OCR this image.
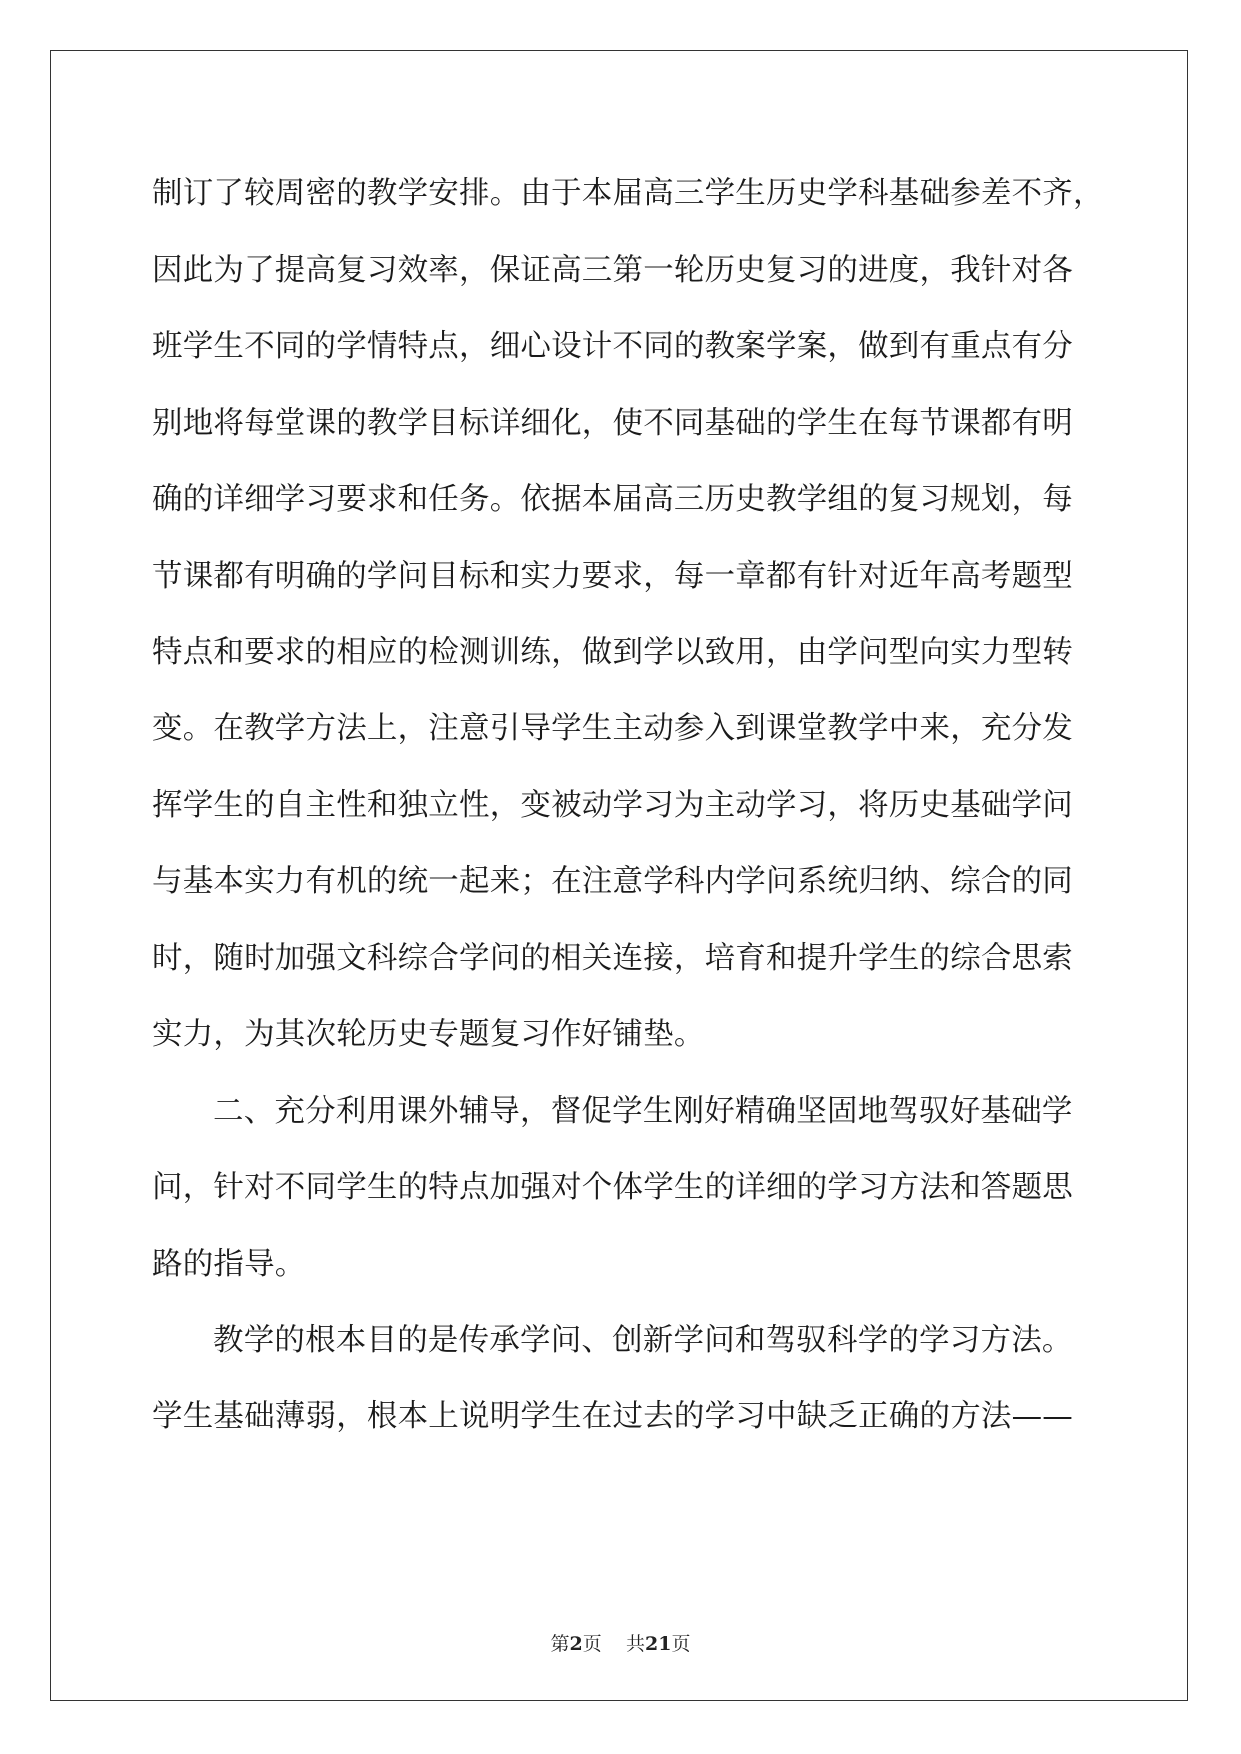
制订了较周密的教学安排。由于本届高三学生历史学科基础参差不齐，
因此为了提高复习效率，保证高三第一轮历史复习的进度，我针对各
班学生不同的学情特点，细心设计不同的教案学案，做到有重点有分
别地将每堂课的教学目标详细化，使不同基础的学生在每节课都有明
确的详细学习要求和任务。依据本届高三历史教学组的复习规划，每
节课都有明确的学问目标和实力要求，每一章都有针对近年高考题型
特点和要求的相应的检测训练，做到学以致用，由学问型向实力型转
变。在教学方法上，注意引导学生主动参入到课堂教学中来，充分发
挥学生的自主性和独立性，变被动学习为主动学习，将历史基础学问
与基本实力有机的统一起来；在注意学科内学问系统归纳、综合的同
时，随时加强文科综合学问的相关连接，培育和提升学生的综合思索
实力，为其次轮历史专题复习作好铺垫。
二、充分利用课外辅导，督促学生刚好精确坚固地驾驭好基础学
问，针对不同学生的特点加强对个体学生的详细的学习方法和答题思
路的指导。
教学的根本目的是传承学问、创新学问和驾驭科学的学习方法。
学生基础薄弱，根本上说明学生在过去的学习中缺乏正确的方法——
第2页 共21页
